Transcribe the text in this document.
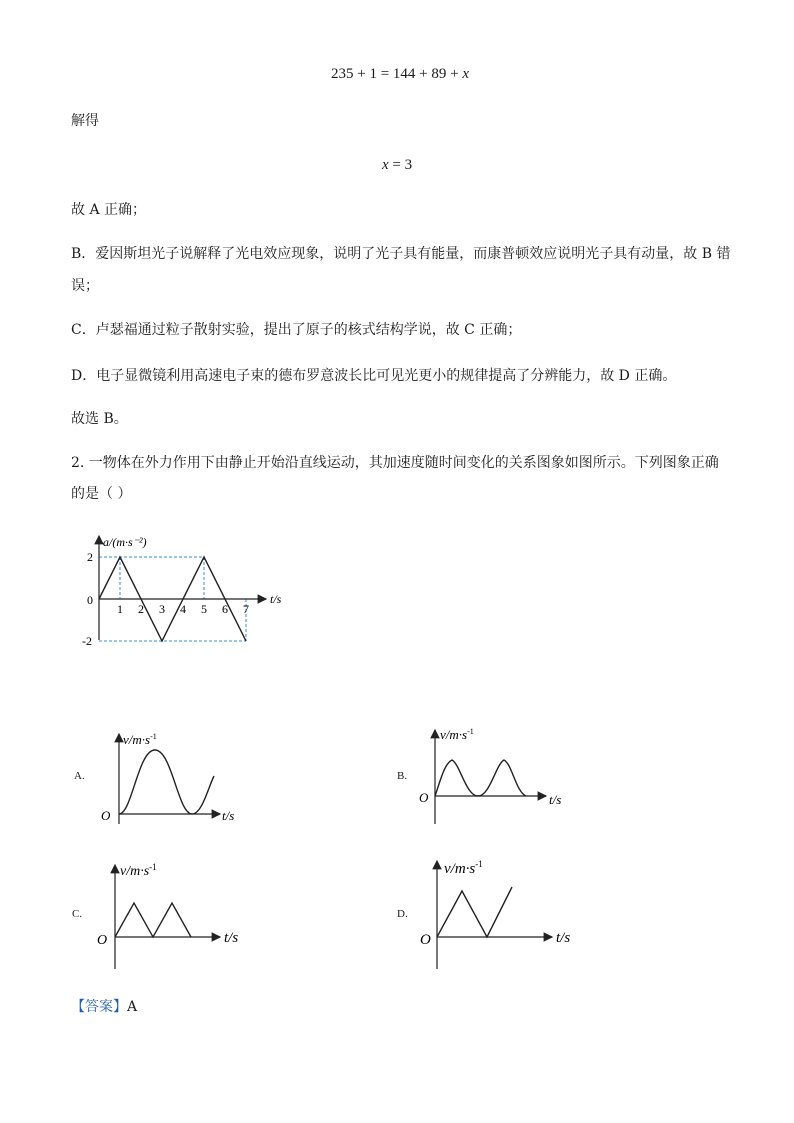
235 + 1 = 144 + 89 + x
解得
x = 3
故 A 正确；
B．爱因斯坦光子说解释了光电效应现象，说明了光子具有能量，而康普顿效应说明光子具有动量，故 B 错
误；
C．卢瑟福通过粒子散射实验，提出了原子的核式结构学说，故 C 正确；
D．电子显微镜利用高速电子束的德布罗意波长比可见光更小的规律提高了分辨能力，故 D 正确。
故选 B。
2. 一物体在外力作用下由静止开始沿直线运动，其加速度随时间变化的关系图象如图所示。下列图象正确
的是（ ）
0
1 2 3 4 5 6 7
2
-2
a/(m·s⁻²)
t/s
A.
$v/m\cdot s^{-1}$
O	t/s
B.
$v/m\cdot s^{-1}$
O	t/s
C.
$v/m\cdot s^{-1}$
O	t/s
D.
$v/m\cdot s^{-1}$
O	t/s
【答案】A
